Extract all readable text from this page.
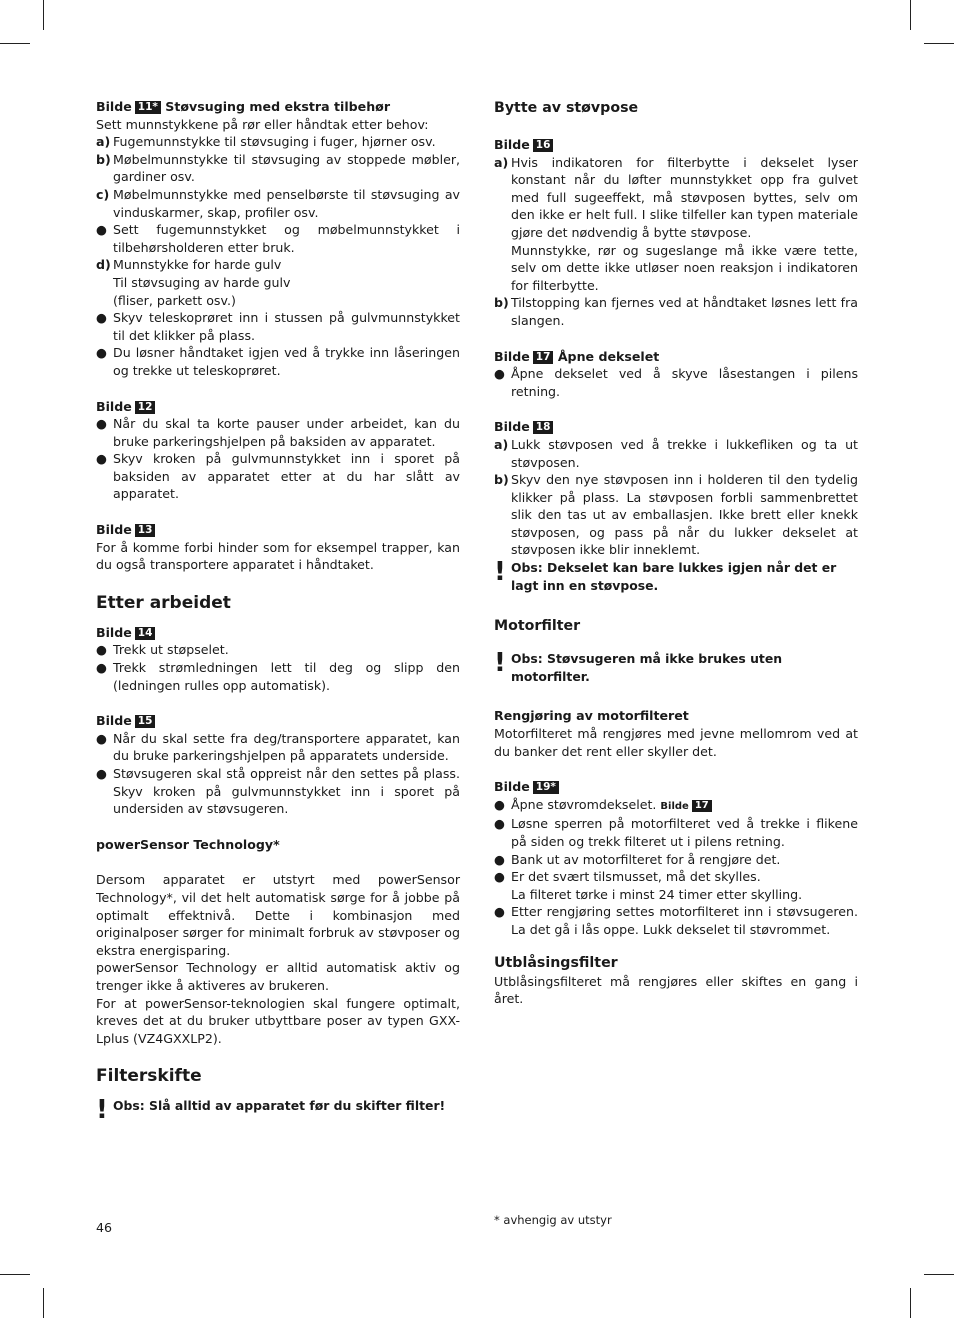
Bilde 11* Støvsuging med ekstra tilbehør
Sett munnstykkene på rør eller håndtak etter behov:
a) Fugemunnstykke til støvsuging i fuger, hjørner osv.
b) Møbelmunnstykke til støvsuging av stoppede møbler, gardiner osv.
c) Møbelmunnstykke med penselbørste til støvsuging av vinduskarmer, skap, profiler osv.
● Sett fugemunnstykket og møbelmunnstykket i tilbehørsholderen etter bruk.
d) Munnstykke for harde gulv
Til støvsuging av harde gulv
(fliser, parkett osv.)
● Skyv teleskoprøret inn i stussen på gulvmunnstykket til det klikker på plass.
● Du løsner håndtaket igjen ved å trykke inn låseringen og trekke ut teleskoprøret.
Bilde 12
● Når du skal ta korte pauser under arbeidet, kan du bruke parkeringshjelpen på baksiden av apparatet.
● Skyv kroken på gulvmunnstykket inn i sporet på baksiden av apparatet etter at du har slått av apparatet.
Bilde 13
For å komme forbi hinder som for eksempel trapper, kan du også transportere apparatet i håndtaket.
Etter arbeidet
Bilde 14
● Trekk ut støpselet.
● Trekk strømledningen lett til deg og slipp den (ledningen rulles opp automatisk).
Bilde 15
● Når du skal sette fra deg/transportere apparatet, kan du bruke parkeringshjelpen på apparatets underside.
● Støvsugeren skal stå oppreist når den settes på plass. Skyv kroken på gulvmunnstykket inn i sporet på undersiden av støvsugeren.
powerSensor Technology*
Dersom apparatet er utstyrt med powerSensor Technology*, vil det helt automatisk sørge for å jobbe på optimalt effektnivå. Dette i kombinasjon med originalposer sørger for minimalt forbruk av støvposer og ekstra energisparing.
powerSensor Technology er alltid automatisk aktiv og trenger ikke å aktiveres av brukeren.
For at powerSensor-teknologien skal fungere optimalt, kreves det at du bruker utbyttbare poser av typen GXX-Lplus (VZ4GXXLP2).
Filterskifte
! Obs: Slå alltid av apparatet før du skifter filter!
Bytte av støvpose
Bilde 16
a) Hvis indikatoren for filterbytte i dekselet lyser konstant når du løfter munnstykket opp fra gulvet med full sugeeffekt, må støvposen byttes, selv om den ikke er helt full. I slike tilfeller kan typen materiale gjøre det nødvendig å bytte støvpose.
Munnstykke, rør og sugeslange må ikke være tette, selv om dette ikke utløser noen reaksjon i indikatoren for filterbytte.
b) Tilstopping kan fjernes ved at håndtaket løsnes lett fra slangen.
Bilde 17 Åpne dekselet
● Åpne dekselet ved å skyve låsestangen i pilens retning.
Bilde 18
a) Lukk støvposen ved å trekke i lukkefliken og ta ut støvposen.
b) Skyv den nye støvposen inn i holderen til den tydelig klikker på plass. La støvposen forbli sammenbrettet slik den tas ut av emballasjen. Ikke brett eller knekk støvposen, og pass på når du lukker dekselet at støvposen ikke blir inneklemt.
! Obs: Dekselet kan bare lukkes igjen når det er lagt inn en støvpose.
Motorfilter
! Obs: Støvsugeren må ikke brukes uten motorfilter.
Rengjøring av motorfilteret
Motorfilteret må rengjøres med jevne mellomrom ved at du banker det rent eller skyller det.
Bilde 19*
● Åpne støvromdekselet. Bilde 17
● Løsne sperren på motorfilteret ved å trekke i flikene på siden og trekk filteret ut i pilens retning.
● Bank ut av motorfilteret for å rengjøre det.
● Er det svært tilsmusset, må det skylles.
La filteret tørke i minst 24 timer etter skylling.
● Etter rengjøring settes motorfilteret inn i støvsugeren. La det gå i lås oppe. Lukk dekselet til støvrommet.
Utblåsingsfilter
Utblåsingsfilteret må rengjøres eller skiftes en gang i året.
46	* avhengig av utstyr
